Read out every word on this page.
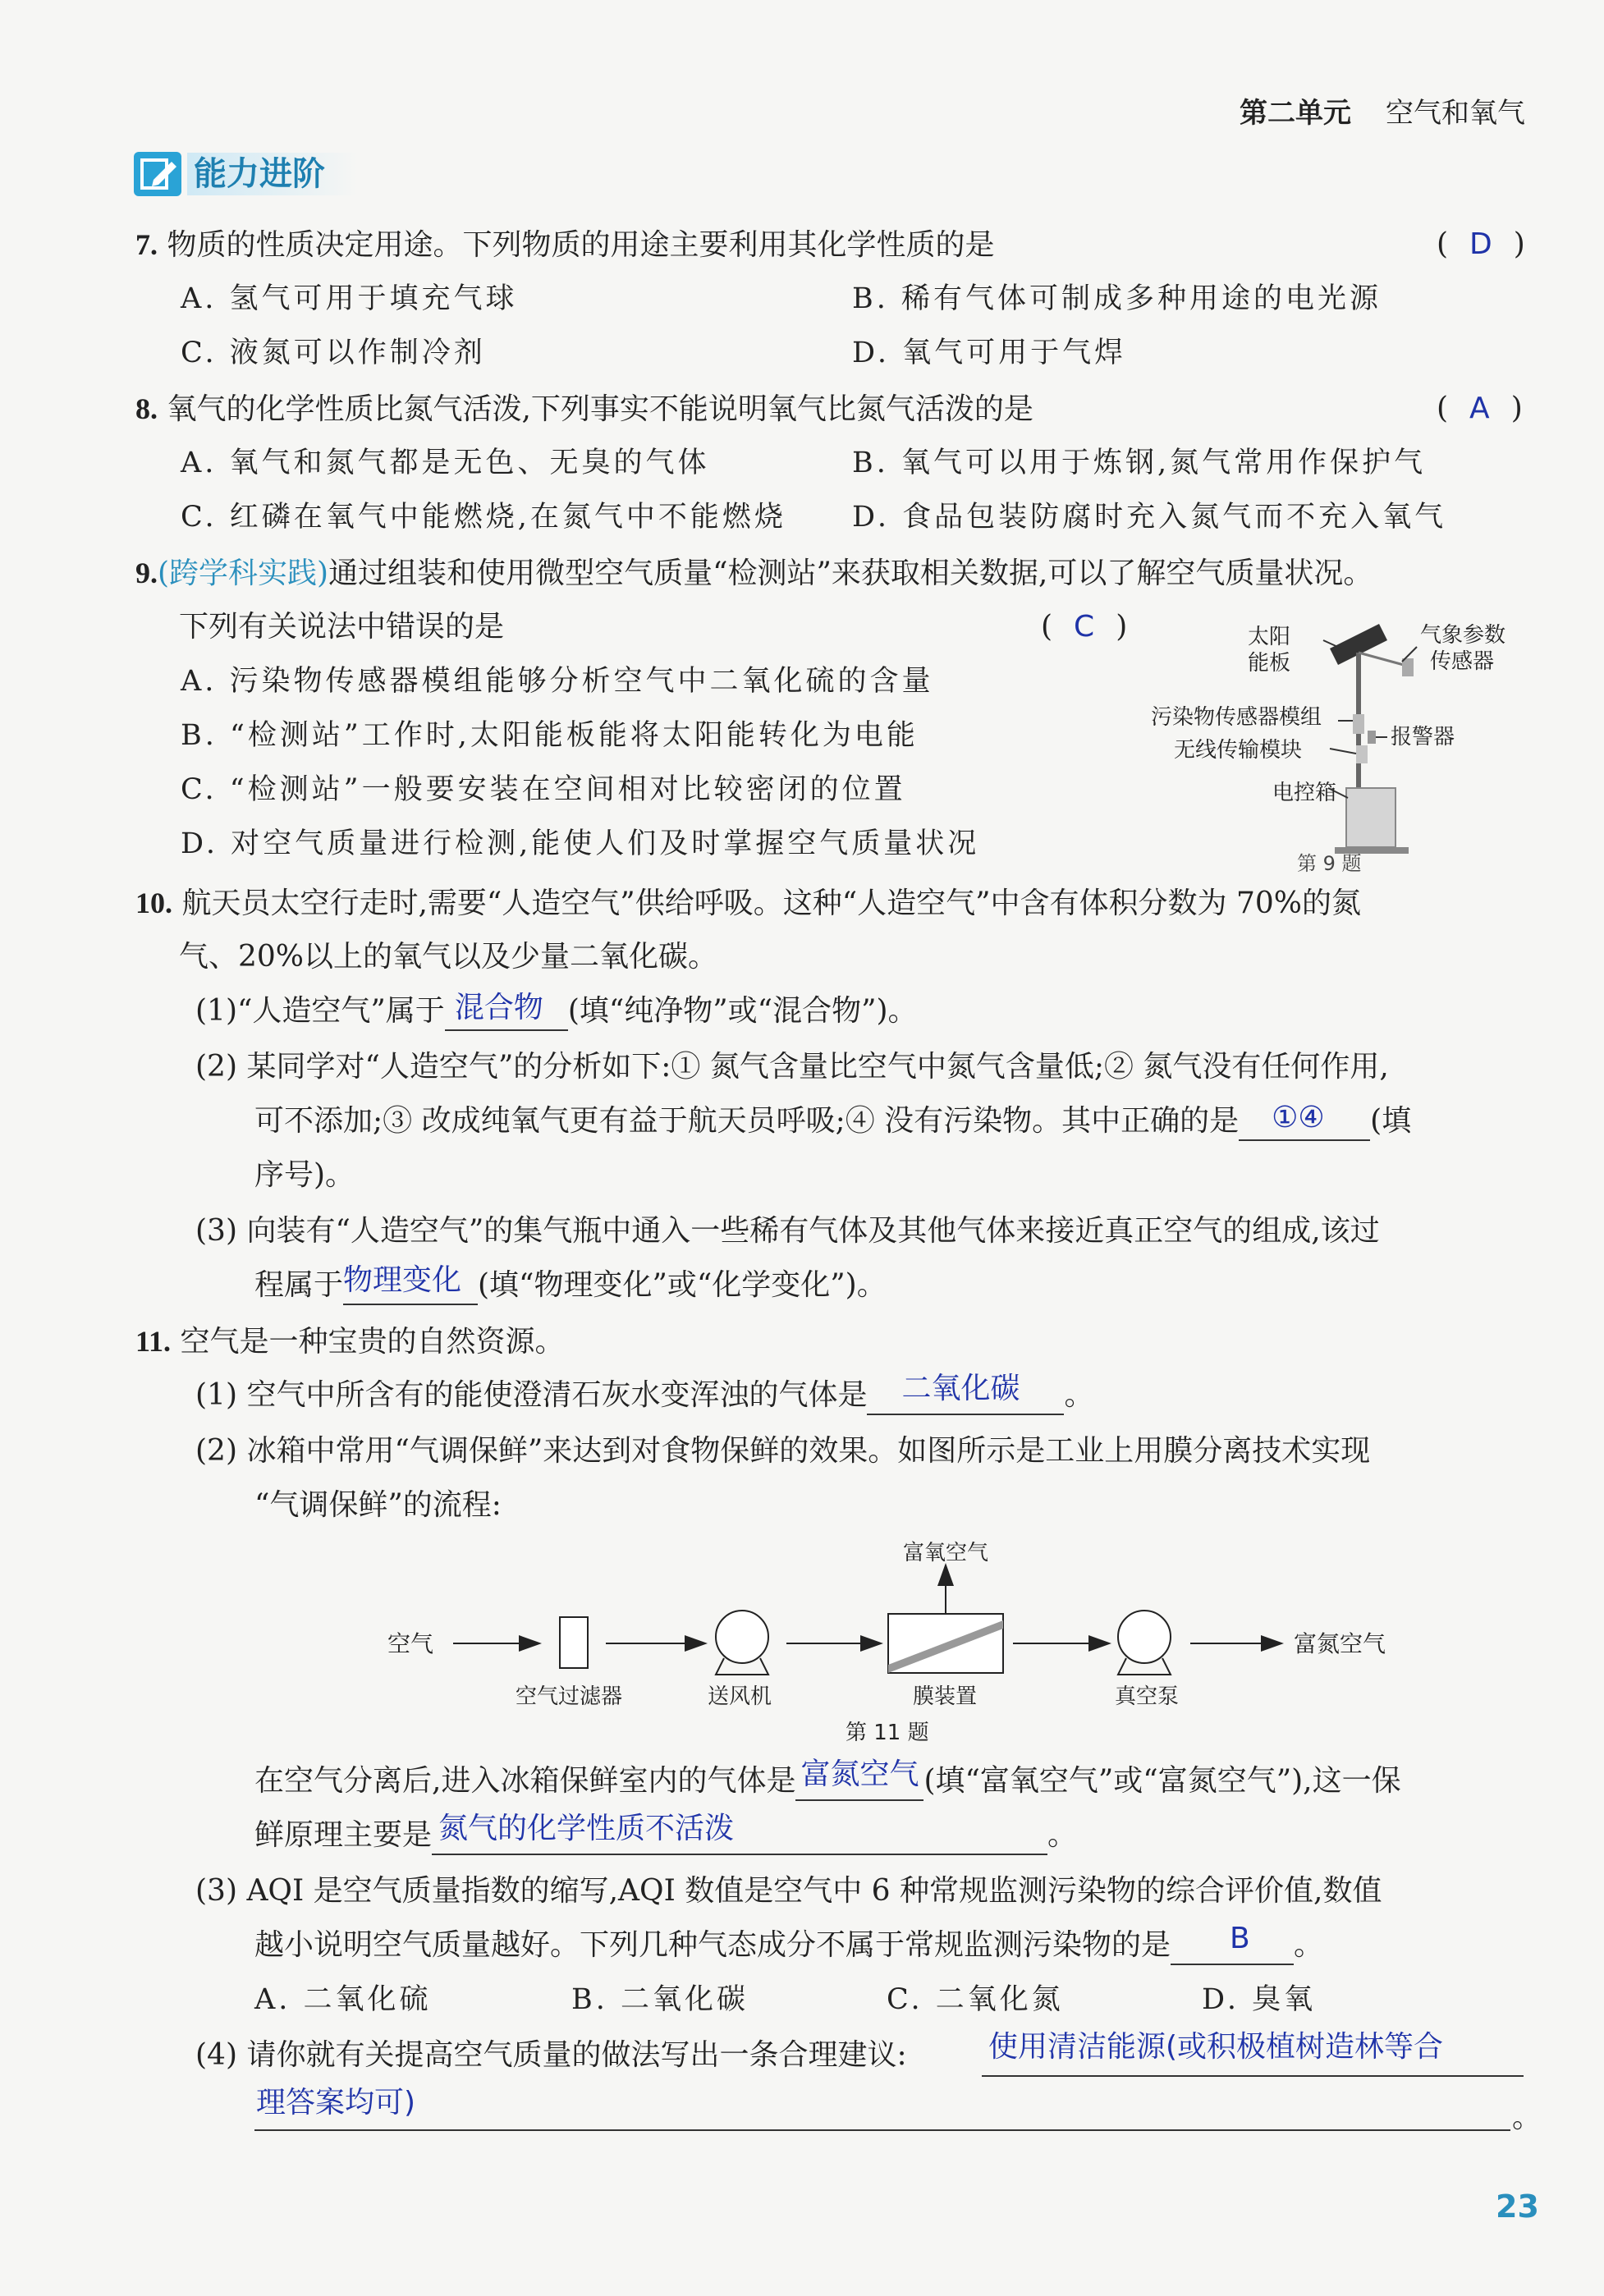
第二单元 空气和氧气
能力进阶
7. 物质的性质决定用途。下列物质的用途主要利用其化学性质的是	( D )
A. 氢气可用于填充气球	B. 稀有气体可制成多种用途的电光源
C. 液氮可以作制冷剂	D. 氧气可用于气焊
8. 氧气的化学性质比氮气活泼,下列事实不能说明氧气比氮气活泼的是	( A )
A. 氧气和氮气都是无色、无臭的气体	B. 氧气可以用于炼钢,氮气常用作保护气
C. 红磷在氧气中能燃烧,在氮气中不能燃烧 D. 食品包装防腐时充入氮气而不充入氧气
9.(跨学科实践)通过组装和使用微型空气质量“检测站”来获取相关数据,可以了解空气质量状况。
下列有关说法中错误的是	( C )
A. 污染物传感器模组能够分析空气中二氧化硫的含量
B. “检测站”工作时,太阳能板能将太阳能转化为电能
C. “检测站”一般要安装在空间相对比较密闭的位置
D. 对空气质量进行检测,能使人们及时掌握空气质量状况
太阳
能板
气象参数
传感器
污染物传感器模组
报警器
无线传输模块
电控箱
第 9 题
10. 航天员太空行走时,需要“人造空气”供给呼吸。这种“人造空气”中含有体积分数为 70%的氮
气、20%以上的氧气以及少量二氧化碳。
(1)“人造空气”属于 混合物 (填“纯净物”或“混合物”)。
(2) 某同学对“人造空气”的分析如下:① 氮气含量比空气中氮气含量低;② 氮气没有任何作用,
可不添加;③ 改成纯氧气更有益于航天员呼吸;④ 没有污染物。其中正确的是 ①④ (填
序号)。
(3) 向装有“人造空气”的集气瓶中通入一些稀有气体及其他气体来接近真正空气的组成,该过
程属于 物理变化 (填“物理变化”或“化学变化”)。
11. 空气是一种宝贵的自然资源。
(1) 空气中所含有的能使澄清石灰水变浑浊的气体是 二氧化碳 。
(2) 冰箱中常用“气调保鲜”来达到对食物保鲜的效果。如图所示是工业上用膜分离技术实现
“气调保鲜”的流程:
空气
空气过滤器	送风机
富氧空气
膜装置	真空泵
富氮空气
第 11 题
在空气分离后,进入冰箱保鲜室内的气体是 富氮空气 (填“富氧空气”或“富氮空气”),这一保
鲜原理主要是 氮气的化学性质不活泼	。
(3) AQI 是空气质量指数的缩写,AQI 数值是空气中 6 种常规监测污染物的综合评价值,数值
越小说明空气质量越好。下列几种气态成分不属于常规监测污染物的是 B 。
A. 二氧化硫	B. 二氧化碳	C. 二氧化氮	D. 臭氧
(4) 请你就有关提高空气质量的做法写出一条合理建议:	使用清洁能源(或积极植树造林等合
理答案均可)	。
23
